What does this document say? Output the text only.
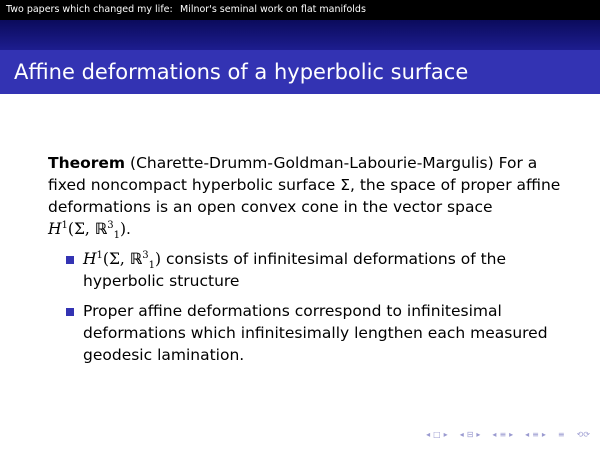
Two papers which changed my life: Milnor's seminal work on flat manifolds
Affine deformations of a hyperbolic surface

Theorem (Charette-Drumm-Goldman-Labourie-Margulis) For a fixed noncompact hyperbolic surface Σ, the space of proper affine deformations is an open convex cone in the vector space
$H^1(\Sigma$, ℝ$^3_1$).

$H^1(\Sigma$, ℝ$^3_1$) consists of infinitesimal deformations of the hyperbolic structure
Proper affine deformations correspond to infinitesimal deformations which infinitesimally lengthen each measured geodesic lamination.
◂ □ ▸ ◂ ⊟ ▸ ◂ ≡ ▸ ◂ ≡ ▸ ≡ ⟲⟳
